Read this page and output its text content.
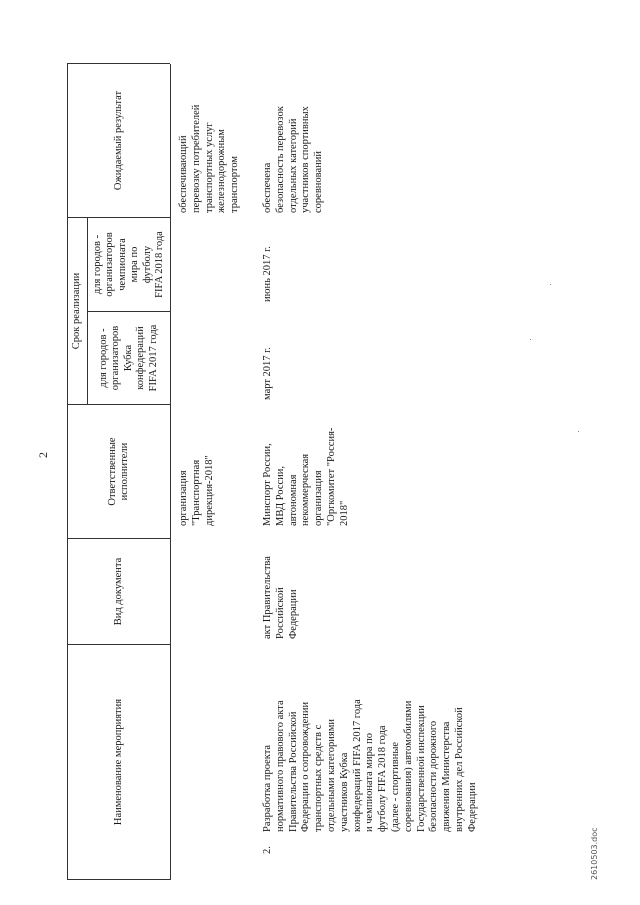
2
Наименование мероприятия
Вид документа
Ответственные
исполнители
Срок реализации
для городов -
организаторов
Кубка
конфедераций
FIFA 2017 года
для городов -
организаторов
чемпионата
мира по
футболу
FIFA 2018 года
Ожидаемый результат
организация
"Транспортная
дирекция-2018"
обеспечивающий
перевозку потребителей
транспортных услуг
железнодорожным
транспортом
2.
Разработка проекта
нормативного правового акта
Правительства Российской
Федерации о сопровождении
транспортных средств с
отдельными категориями
участников Кубка
конфедераций FIFA 2017 года
и чемпионата мира по
футболу FIFA 2018 года
(далее - спортивные
соревнования) автомобилями
Государственной инспекции
безопасности дорожного
движения Министерства
внутренних дел Российской
Федерации
акт Правительства
Российской
Федерации
Минспорт России,
МВД России,
автономная
некоммерческая
организация
"Оргкомитет "Россия-
2018"
март 2017 г.
июнь 2017 г.
обеспечена
безопасность перевозок
отдельных категорий
участников спортивных
соревнований
2610503.doc
